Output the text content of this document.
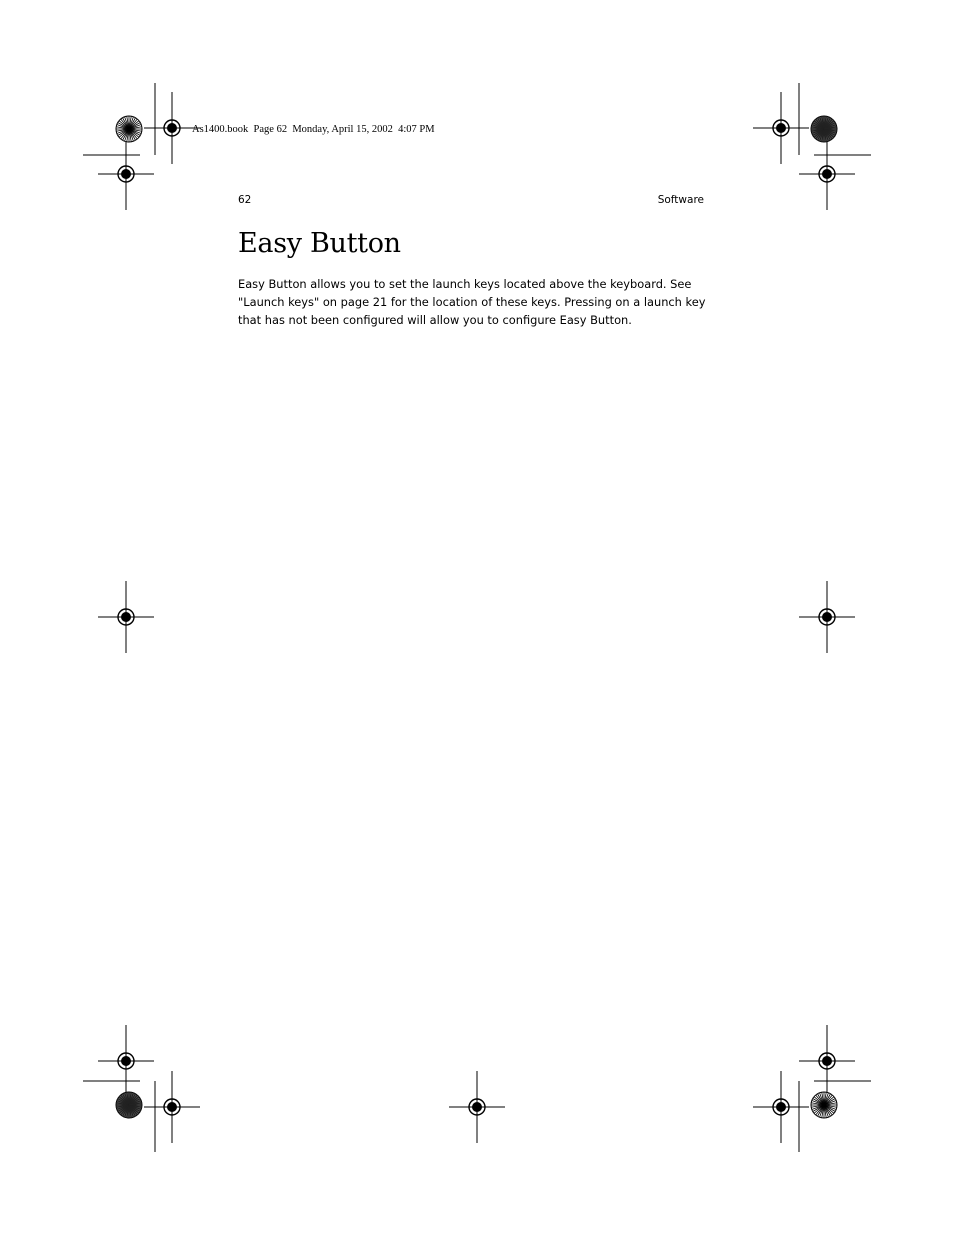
As1400.book  Page 62  Monday, April 15, 2002  4:07 PM
62	Software
Easy Button

Easy Button allows you to set the launch keys located above the keyboard. See "Launch keys" on page 21 for the location of these keys. Pressing on a launch key that has not been configured will allow you to configure Easy Button.
